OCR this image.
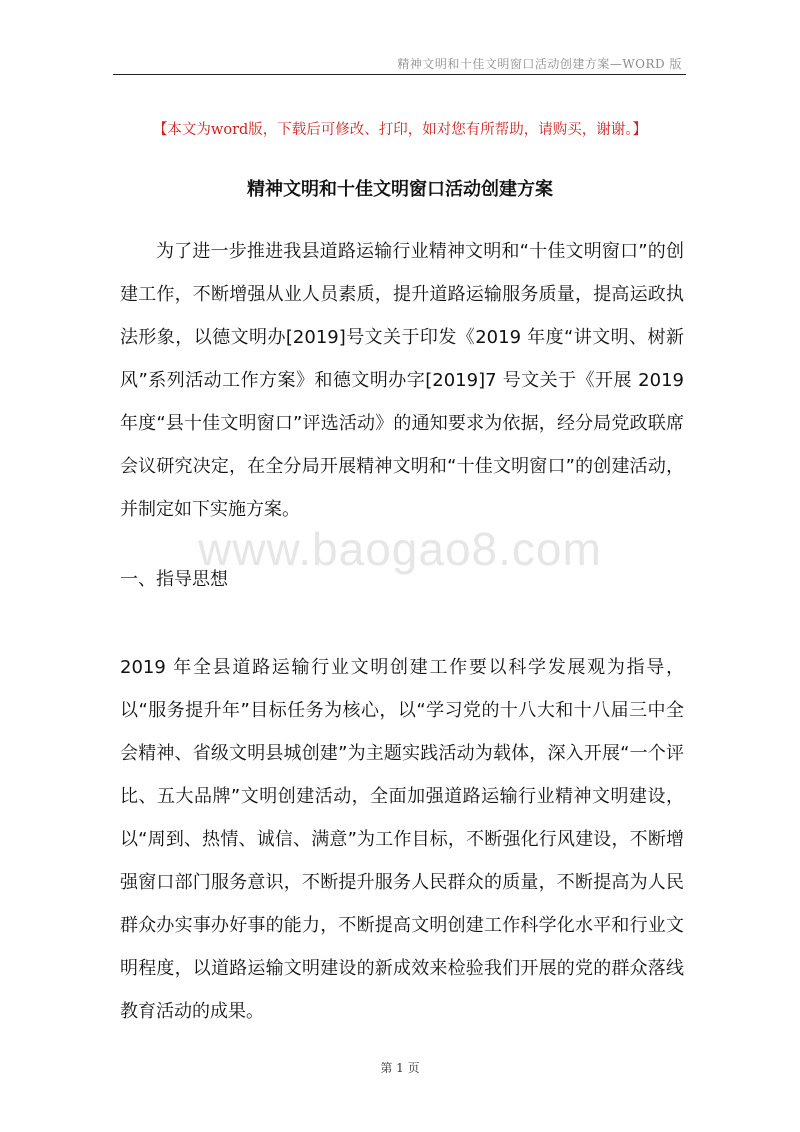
精神文明和十佳文明窗口活动创建方案—WORD 版
【本文为word版，下载后可修改、打印，如对您有所帮助，请购买，谢谢。】
精神文明和十佳文明窗口活动创建方案
为了进一步推进我县道路运输行业精神文明和“十佳文明窗口”的创建工作，不断增强从业人员素质，提升道路运输服务质量，提高运政执法形象，以德文明办[2019]号文关于印发《2019 年度“讲文明、树新风”系列活动工作方案》和德文明办字[2019]7 号文关于《开展 2019 年度“县十佳文明窗口”评选活动》的通知要求为依据，经分局党政联席会议研究决定，在全分局开展精神文明和“十佳文明窗口”的创建活动，并制定如下实施方案。
www.baogao8.com
一、指导思想
2019 年全县道路运输行业文明创建工作要以科学发展观为指导，以“服务提升年”目标任务为核心，以“学习党的十八大和十八届三中全会精神、省级文明县城创建”为主题实践活动为载体，深入开展“一个评比、五大品牌”文明创建活动，全面加强道路运输行业精神文明建设，以“周到、热情、诚信、满意”为工作目标，不断强化行风建设，不断增强窗口部门服务意识，不断提升服务人民群众的质量，不断提高为人民群众办实事办好事的能力，不断提高文明创建工作科学化水平和行业文明程度，以道路运输文明建设的新成效来检验我们开展的党的群众落线教育活动的成果。
第 1 页
